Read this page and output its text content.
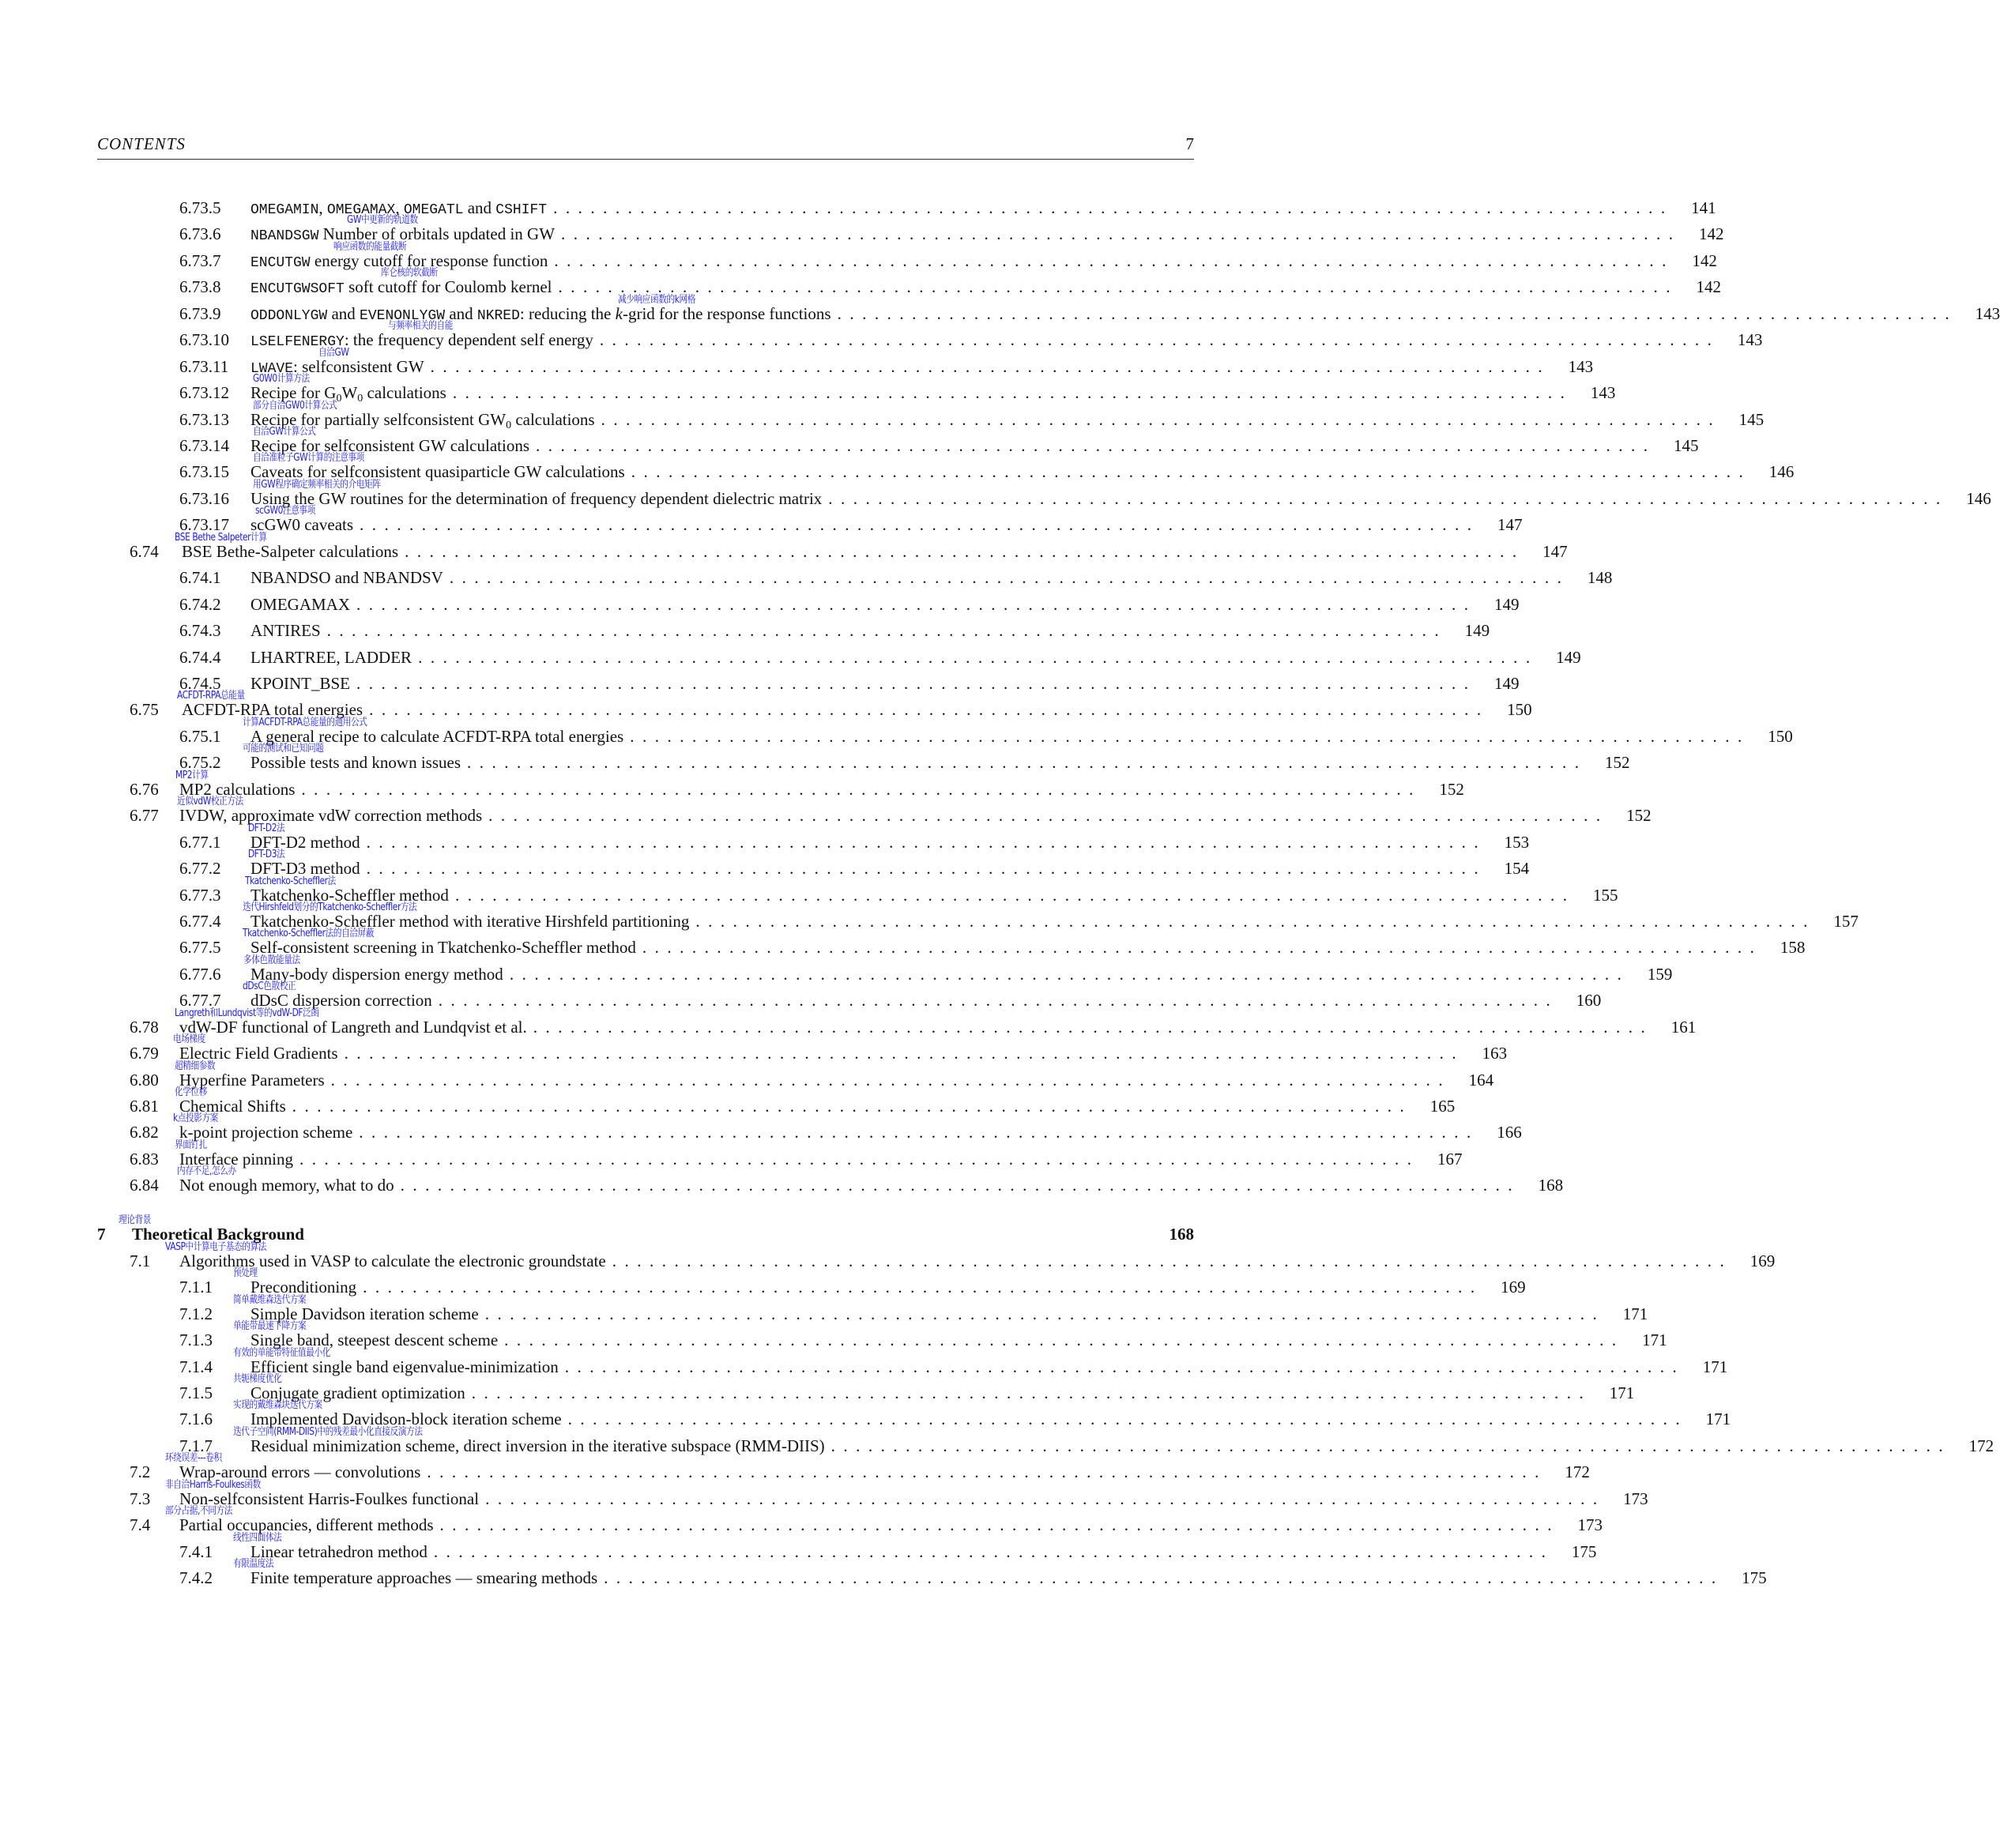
CONTENTS	7
6.73.5 OMEGAMIN, OMEGAMAX, OMEGATL and CSHIFT .......................................................................................... 141
6.73.6 NBANDSGW Number of orbitals updated in GW .......................................................................................... 142
GW中更新的轨道数
6.73.7 ENCUTGW energy cutoff for response function .......................................................................................... 142
响应函数的能量截断
6.73.8 ENCUTGWSOFT soft cutoff for Coulomb kernel .......................................................................................... 142
库仑核的软截断
6.73.9 ODDONLYGW and EVENONLYGW and NKRED: reducing the k-grid for the response functions .......................................................................................... 143
减少响应函数的k网格
6.73.10 LSELFENERGY: the frequency dependent self energy .......................................................................................... 143
与频率相关的自能
6.73.11 LWAVE: selfconsistent GW .......................................................................................... 143
自洽GW
6.73.12 Recipe for $G_0W_0$ calculations .......................................................................................... 143
G0W0计算方法
6.73.13 Recipe for partially selfconsistent $GW_0$ calculations .......................................................................................... 145
部分自洽GW0计算公式
6.73.14 Recipe for selfconsistent GW calculations .......................................................................................... 145
自洽GW计算公式
6.73.15 Caveats for selfconsistent quasiparticle GW calculations .......................................................................................... 146
自洽准粒子GW计算的注意事项
6.73.16 Using the GW routines for the determination of frequency dependent dielectric matrix .......................................................................................... 146
用GW程序确定频率相关的介电矩阵
6.73.17 scGW0 caveats .......................................................................................... 147
scGW0注意事项
6.74 BSE Bethe-Salpeter calculations .......................................................................................... 147
BSE Bethe Salpeter计算
6.74.1 NBANDSO and NBANDSV .......................................................................................... 148
6.74.2 OMEGAMAX .......................................................................................... 149
6.74.3 ANTIRES .......................................................................................... 149
6.74.4 LHARTREE, LADDER .......................................................................................... 149
6.74.5 KPOINT_BSE .......................................................................................... 149
6.75 ACFDT-RPA total energies .......................................................................................... 150
ACFDT-RPA总能量
6.75.1 A general recipe to calculate ACFDT-RPA total energies .......................................................................................... 150
计算ACFDT-RPA总能量的通用公式
6.75.2 Possible tests and known issues .......................................................................................... 152
可能的测试和已知问题
6.76 MP2 calculations .......................................................................................... 152
MP2计算
6.77 IVDW, approximate vdW correction methods .......................................................................................... 152
近似vdW校正方法
6.77.1 DFT-D2 method .......................................................................................... 153
DFT-D2法
6.77.2 DFT-D3 method .......................................................................................... 154
DFT-D3法
6.77.3 Tkatchenko-Scheffler method .......................................................................................... 155
Tkatchenko-Scheffler法
6.77.4 Tkatchenko-Scheffler method with iterative Hirshfeld partitioning .......................................................................................... 157
迭代Hirshfeld划分的Tkatchenko-Scheffler方法
6.77.5 Self-consistent screening in Tkatchenko-Scheffler method .......................................................................................... 158
Tkatchenko-Scheffler法的自洽屏蔽
6.77.6 Many-body dispersion energy method .......................................................................................... 159
多体色散能量法
6.77.7 dDsC dispersion correction .......................................................................................... 160
dDsC色散校正
6.78 vdW-DF functional of Langreth and Lundqvist et al. .......................................................................................... 161
Langreth和Lundqvist等的vdW-DF泛函
6.79 Electric Field Gradients .......................................................................................... 163
电场梯度
6.80 Hyperfine Parameters .......................................................................................... 164
超精细参数
6.81 Chemical Shifts .......................................................................................... 165
化学位移
6.82 k-point projection scheme .......................................................................................... 166
k点投影方案
6.83 Interface pinning .......................................................................................... 167
界面钉扎
6.84 Not enough memory, what to do .......................................................................................... 168
内存不足,怎么办
7 Theoretical Background	168
理论背景
7.1 Algorithms used in VASP to calculate the electronic groundstate .......................................................................................... 169
VASP中计算电子基态的算法
7.1.1 Preconditioning .......................................................................................... 169
预处理
7.1.2 Simple Davidson iteration scheme .......................................................................................... 171
简单戴维森迭代方案
7.1.3 Single band, steepest descent scheme .......................................................................................... 171
单能带最速下降方案
7.1.4 Efficient single band eigenvalue-minimization .......................................................................................... 171
有效的单能带特征值最小化
7.1.5 Conjugate gradient optimization .......................................................................................... 171
共轭梯度优化
7.1.6 Implemented Davidson-block iteration scheme .......................................................................................... 171
实现的戴维森块迭代方案
7.1.7 Residual minimization scheme, direct inversion in the iterative subspace (RMM-DIIS) .......................................................................................... 172
迭代子空间(RMM-DIIS)中的残差最小化直接反演方法
7.2 Wrap-around errors — convolutions .......................................................................................... 172
环绕误差---卷积
7.3 Non-selfconsistent Harris-Foulkes functional .......................................................................................... 173
非自洽Harris-Foulkes函数
7.4 Partial occupancies, different methods .......................................................................................... 173
部分占据,不同方法
7.4.1 Linear tetrahedron method .......................................................................................... 175
线性四面体法
7.4.2 Finite temperature approaches — smearing methods .......................................................................................... 175
有限温度法
